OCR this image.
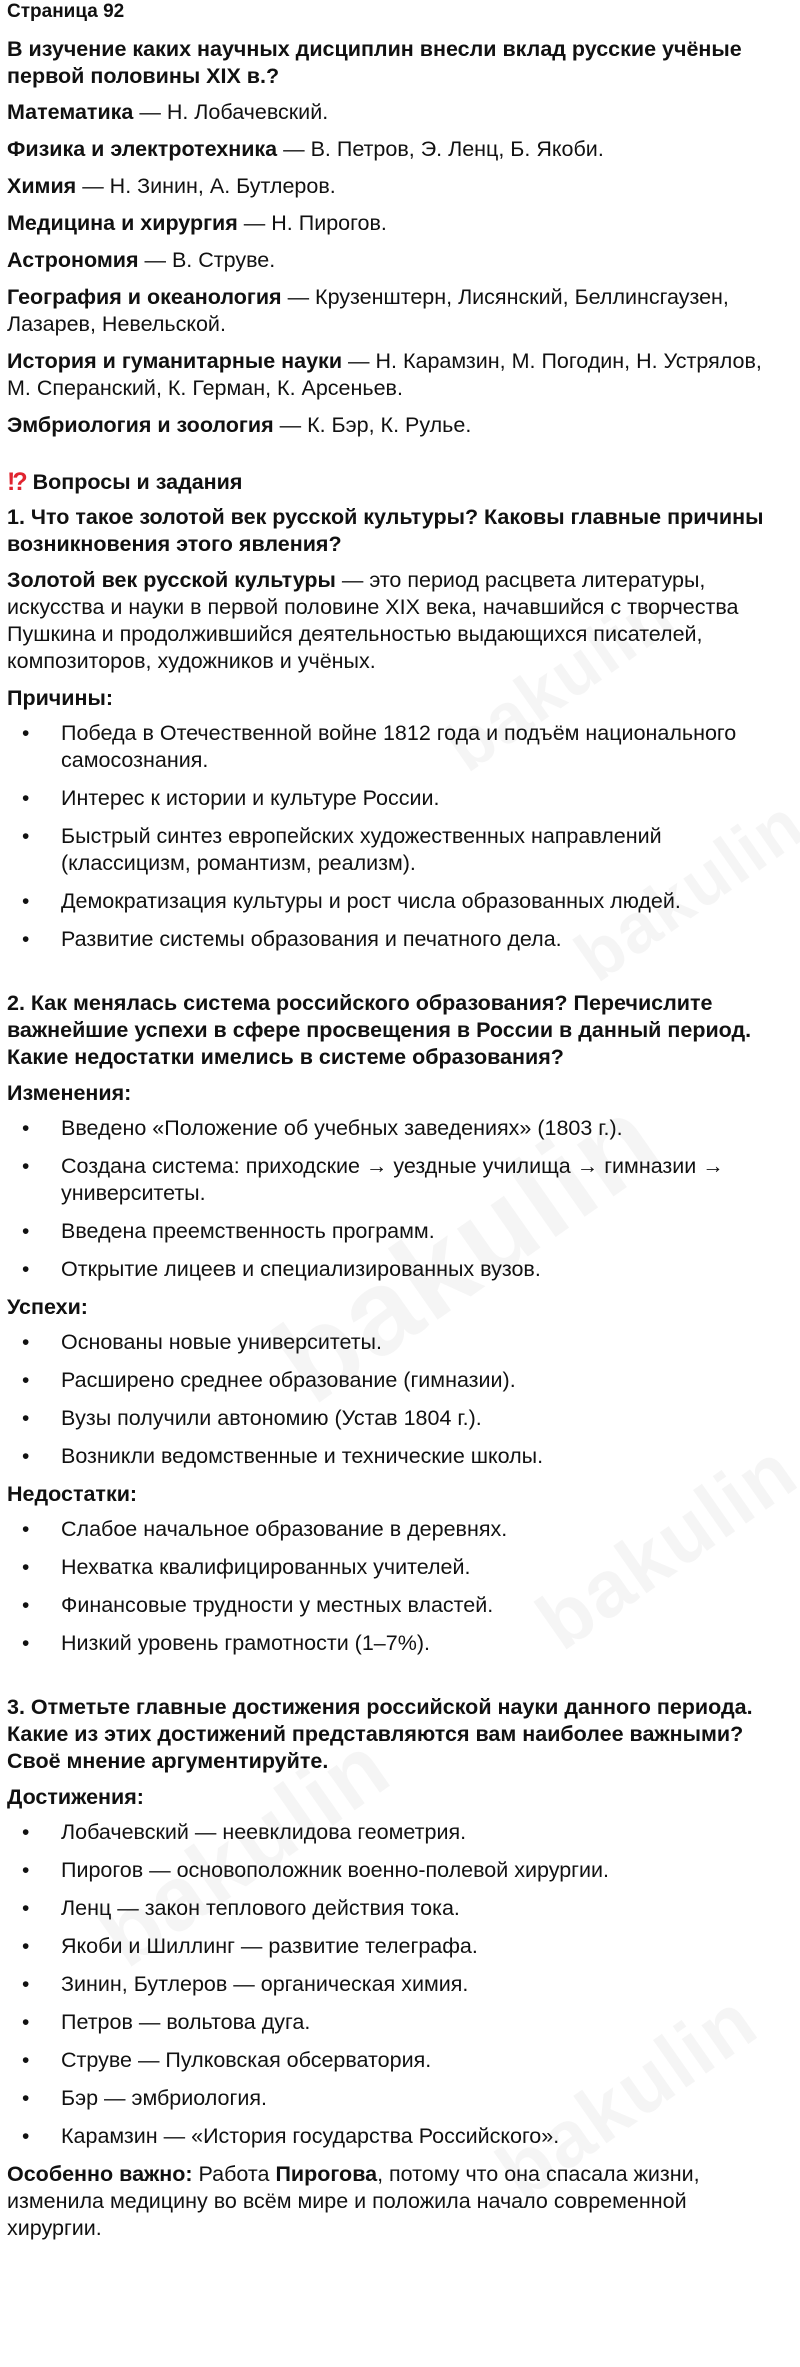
Страница 92
В изучение каких научных дисциплин внесли вклад русские учёные первой половины XIX в.?

Математика — Н. Лобачевский.

Физика и электротехника — В. Петров, Э. Ленц, Б. Якоби.

Химия — Н. Зинин, А. Бутлеров.

Медицина и хирургия — Н. Пирогов.

Астрономия — В. Струве.

География и океанология — Крузенштерн, Лисянский, Беллинсгаузен, Лазарев, Невельской.

История и гуманитарные науки — Н. Карамзин, М. Погодин, Н. Устрялов, М. Сперанский, К. Герман, К. Арсеньев.

Эмбриология и зоология — К. Бэр, К. Рулье.

!? Вопросы и задания
1. Что такое золотой век русской культуры? Каковы главные причины возникновения этого явления?

Золотой век русской культуры — это период расцвета литературы, искусства и науки в первой половине XIX века, начавшийся с творчества Пушкина и продолжившийся деятельностью выдающихся писателей, композиторов, художников и учёных.

Причины:
• Победа в Отечественной войне 1812 года и подъём национального самосознания.
• Интерес к истории и культуре России.
• Быстрый синтез европейских художественных направлений (классицизм, романтизм, реализм).
• Демократизация культуры и рост числа образованных людей.
• Развитие системы образования и печатного дела.
2. Как менялась система российского образования? Перечислите важнейшие успехи в сфере просвещения в России в данный период. Какие недостатки имелись в системе образования?
Изменения:
• Введено «Положение об учебных заведениях» (1803 г.).
• Создана система: приходские → уездные училища → гимназии → университеты.
• Введена преемственность программ.
• Открытие лицеев и специализированных вузов.
Успехи:
• Основаны новые университеты.
• Расширено среднее образование (гимназии).
• Вузы получили автономию (Устав 1804 г.).
• Возникли ведомственные и технические школы.
Недостатки:
• Слабое начальное образование в деревнях.
• Нехватка квалифицированных учителей.
• Финансовые трудности у местных властей.
• Низкий уровень грамотности (1–7%).
3. Отметьте главные достижения российской науки данного периода. Какие из этих достижений представляются вам наиболее важными? Своё мнение аргументируйте.
Достижения:
• Лобачевский — неевклидова геометрия.
• Пирогов — основоположник военно-полевой хирургии.
• Ленц — закон теплового действия тока.
• Якоби и Шиллинг — развитие телеграфа.
• Зинин, Бутлеров — органическая химия.
• Петров — вольтова дуга.
• Струве — Пулковская обсерватория.
• Бэр — эмбриология.
• Карамзин — «История государства Российского».

Особенно важно: Работа Пирогова, потому что она спасала жизни, изменила медицину во всём мире и положила начало современной хирургии.
